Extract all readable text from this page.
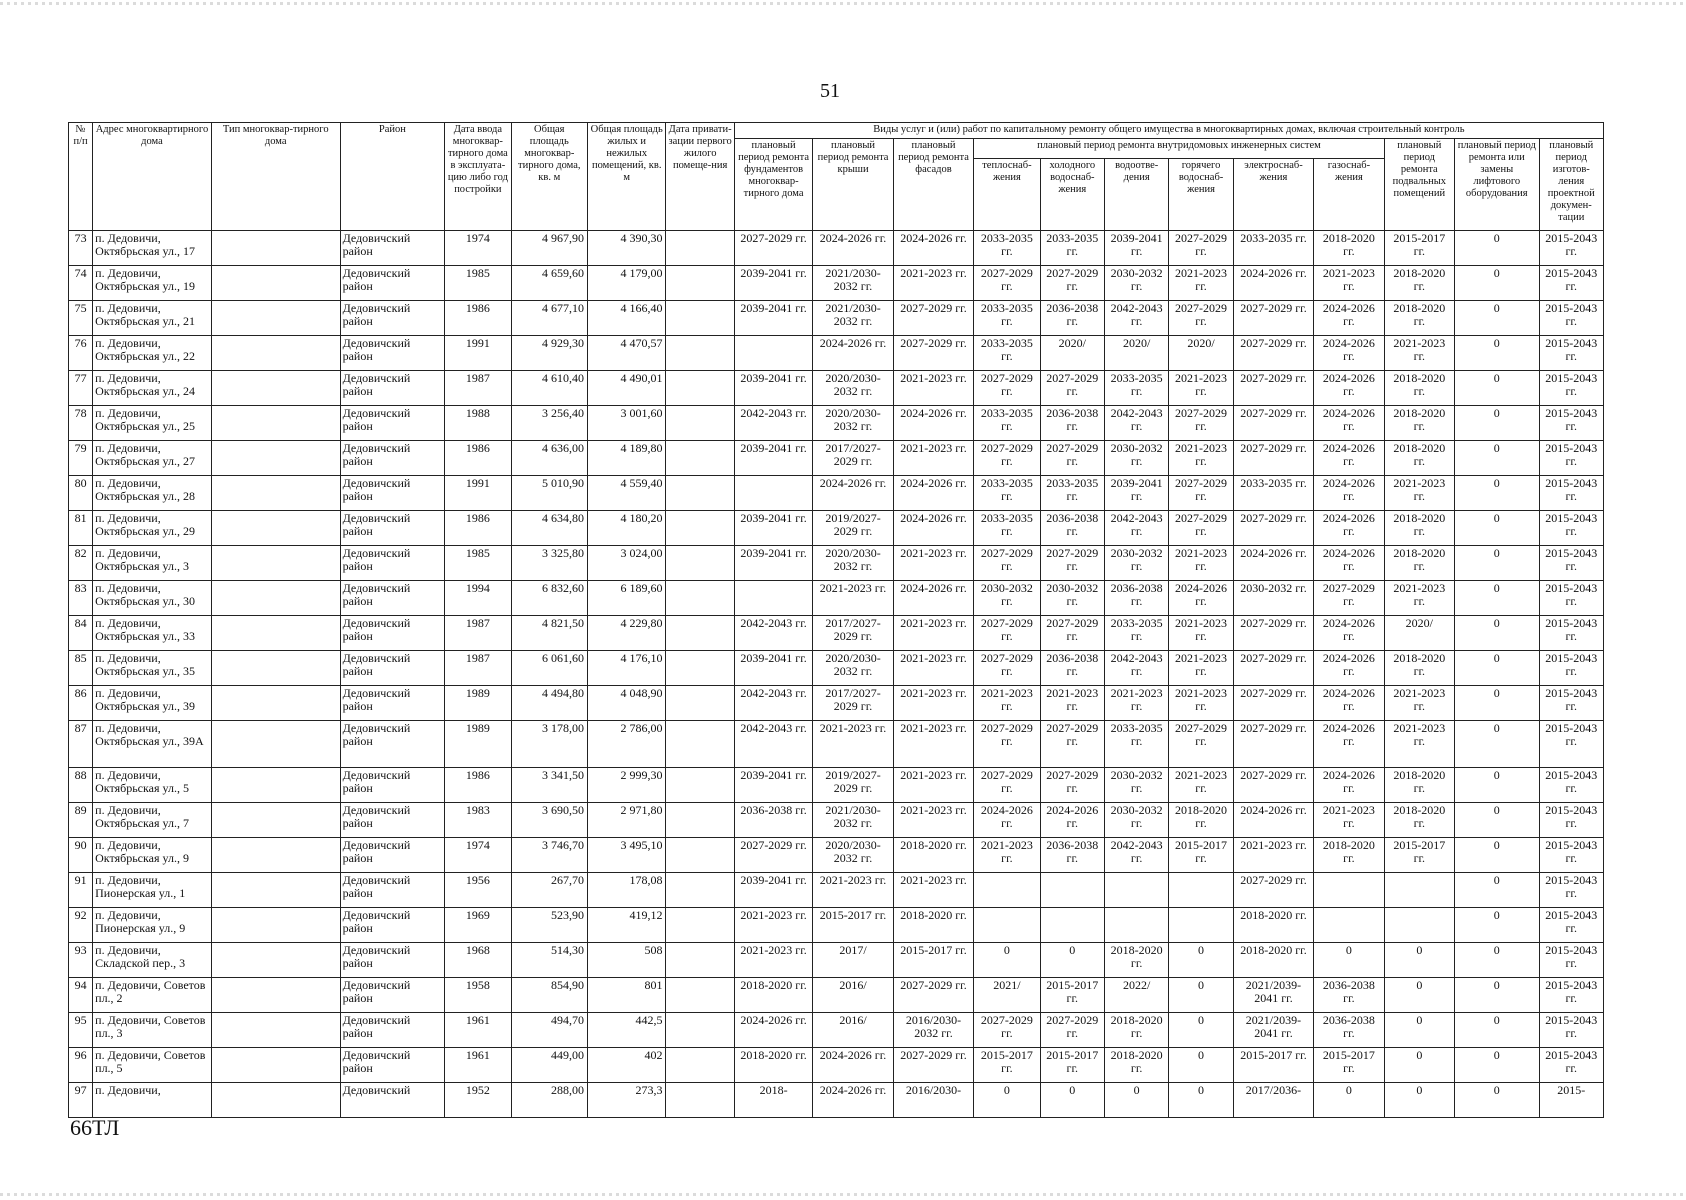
51
№ п/п	Адрес многоквартирного дома	Тип многоквар-тирного дома	Район	Дата ввода многоквар-тирного дома в эксплуата-цию либо год постройки	Общая площадь многоквар-тирного дома, кв. м	Общая площадь жилых и нежилых помещений, кв. м	Дата привати-зации первого жилого помеще-ния	Виды услуг и (или) работ по капитальному ремонту общего имущества в многоквартирных домах, включая строительный контроль											
								плановый период ремонта фундаментов многоквар-тирного дома	плановый период ремонта крыши	плановый период ремонта фасадов	плановый период ремонта внутридомовых инженерных систем						плановый период ремонта подвальных помещений	плановый период ремонта или замены лифтового оборудования	плановый период изготов-ления проектной докумен-тации
											теплоснаб-жения	холодного водоснаб-жения	водоотве-дения	горячего водоснаб-жения	электроснаб-жения	газоснаб-жения			
73	п. Дедовичи, Октябрьская ул., 17		Дедовичский район	1974	4 967,90	4 390,30		2027-2029 гг.	2024-2026 гг.	2024-2026 гг.	2033-2035 гг.	2033-2035 гг.	2039-2041 гг.	2027-2029 гг.	2033-2035 гг.	2018-2020 гг.	2015-2017 гг.	0	2015-2043 гг.
74	п. Дедовичи, Октябрьская ул., 19		Дедовичский район	1985	4 659,60	4 179,00		2039-2041 гг.	2021/2030-2032 гг.	2021-2023 гг.	2027-2029 гг.	2027-2029 гг.	2030-2032 гг.	2021-2023 гг.	2024-2026 гг.	2021-2023 гг.	2018-2020 гг.	0	2015-2043 гг.
75	п. Дедовичи, Октябрьская ул., 21		Дедовичский район	1986	4 677,10	4 166,40		2039-2041 гг.	2021/2030-2032 гг.	2027-2029 гг.	2033-2035 гг.	2036-2038 гг.	2042-2043 гг.	2027-2029 гг.	2027-2029 гг.	2024-2026 гг.	2018-2020 гг.	0	2015-2043 гг.
76	п. Дедовичи, Октябрьская ул., 22		Дедовичский район	1991	4 929,30	4 470,57			2024-2026 гг.	2027-2029 гг.	2033-2035 гг.	2020/	2020/	2020/	2027-2029 гг.	2024-2026 гг.	2021-2023 гг.	0	2015-2043 гг.
77	п. Дедовичи, Октябрьская ул., 24		Дедовичский район	1987	4 610,40	4 490,01		2039-2041 гг.	2020/2030-2032 гг.	2021-2023 гг.	2027-2029 гг.	2027-2029 гг.	2033-2035 гг.	2021-2023 гг.	2027-2029 гг.	2024-2026 гг.	2018-2020 гг.	0	2015-2043 гг.
78	п. Дедовичи, Октябрьская ул., 25		Дедовичский район	1988	3 256,40	3 001,60		2042-2043 гг.	2020/2030-2032 гг.	2024-2026 гг.	2033-2035 гг.	2036-2038 гг.	2042-2043 гг.	2027-2029 гг.	2027-2029 гг.	2024-2026 гг.	2018-2020 гг.	0	2015-2043 гг.
79	п. Дедовичи, Октябрьская ул., 27		Дедовичский район	1986	4 636,00	4 189,80		2039-2041 гг.	2017/2027-2029 гг.	2021-2023 гг.	2027-2029 гг.	2027-2029 гг.	2030-2032 гг.	2021-2023 гг.	2027-2029 гг.	2024-2026 гг.	2018-2020 гг.	0	2015-2043 гг.
80	п. Дедовичи, Октябрьская ул., 28		Дедовичский район	1991	5 010,90	4 559,40			2024-2026 гг.	2024-2026 гг.	2033-2035 гг.	2033-2035 гг.	2039-2041 гг.	2027-2029 гг.	2033-2035 гг.	2024-2026 гг.	2021-2023 гг.	0	2015-2043 гг.
81	п. Дедовичи, Октябрьская ул., 29		Дедовичский район	1986	4 634,80	4 180,20		2039-2041 гг.	2019/2027-2029 гг.	2024-2026 гг.	2033-2035 гг.	2036-2038 гг.	2042-2043 гг.	2027-2029 гг.	2027-2029 гг.	2024-2026 гг.	2018-2020 гг.	0	2015-2043 гг.
82	п. Дедовичи, Октябрьская ул., 3		Дедовичский район	1985	3 325,80	3 024,00		2039-2041 гг.	2020/2030-2032 гг.	2021-2023 гг.	2027-2029 гг.	2027-2029 гг.	2030-2032 гг.	2021-2023 гг.	2024-2026 гг.	2024-2026 гг.	2018-2020 гг.	0	2015-2043 гг.
83	п. Дедовичи, Октябрьская ул., 30		Дедовичский район	1994	6 832,60	6 189,60			2021-2023 гг.	2024-2026 гг.	2030-2032 гг.	2030-2032 гг.	2036-2038 гг.	2024-2026 гг.	2030-2032 гг.	2027-2029 гг.	2021-2023 гг.	0	2015-2043 гг.
84	п. Дедовичи, Октябрьская ул., 33		Дедовичский район	1987	4 821,50	4 229,80		2042-2043 гг.	2017/2027-2029 гг.	2021-2023 гг.	2027-2029 гг.	2027-2029 гг.	2033-2035 гг.	2021-2023 гг.	2027-2029 гг.	2024-2026 гг.	2020/	0	2015-2043 гг.
85	п. Дедовичи, Октябрьская ул., 35		Дедовичский район	1987	6 061,60	4 176,10		2039-2041 гг.	2020/2030-2032 гг.	2021-2023 гг.	2027-2029 гг.	2036-2038 гг.	2042-2043 гг.	2021-2023 гг.	2027-2029 гг.	2024-2026 гг.	2018-2020 гг.	0	2015-2043 гг.
86	п. Дедовичи, Октябрьская ул., 39		Дедовичский район	1989	4 494,80	4 048,90		2042-2043 гг.	2017/2027-2029 гг.	2021-2023 гг.	2021-2023 гг.	2021-2023 гг.	2021-2023 гг.	2021-2023 гг.	2027-2029 гг.	2024-2026 гг.	2021-2023 гг.	0	2015-2043 гг.
87	п. Дедовичи, Октябрьская ул., 39А		Дедовичский район	1989	3 178,00	2 786,00		2042-2043 гг.	2021-2023 гг.	2021-2023 гг.	2027-2029 гг.	2027-2029 гг.	2033-2035 гг.	2027-2029 гг.	2027-2029 гг.	2024-2026 гг.	2021-2023 гг.	0	2015-2043 гг.
88	п. Дедовичи, Октябрьская ул., 5		Дедовичский район	1986	3 341,50	2 999,30		2039-2041 гг.	2019/2027-2029 гг.	2021-2023 гг.	2027-2029 гг.	2027-2029 гг.	2030-2032 гг.	2021-2023 гг.	2027-2029 гг.	2024-2026 гг.	2018-2020 гг.	0	2015-2043 гг.
89	п. Дедовичи, Октябрьская ул., 7		Дедовичский район	1983	3 690,50	2 971,80		2036-2038 гг.	2021/2030-2032 гг.	2021-2023 гг.	2024-2026 гг.	2024-2026 гг.	2030-2032 гг.	2018-2020 гг.	2024-2026 гг.	2021-2023 гг.	2018-2020 гг.	0	2015-2043 гг.
90	п. Дедовичи, Октябрьская ул., 9		Дедовичский район	1974	3 746,70	3 495,10		2027-2029 гг.	2020/2030-2032 гг.	2018-2020 гг.	2021-2023 гг.	2036-2038 гг.	2042-2043 гг.	2015-2017 гг.	2021-2023 гг.	2018-2020 гг.	2015-2017 гг.	0	2015-2043 гг.
91	п. Дедовичи, Пионерская ул., 1		Дедовичский район	1956	267,70	178,08		2039-2041 гг.	2021-2023 гг.	2021-2023 гг.					2027-2029 гг.			0	2015-2043 гг.
92	п. Дедовичи, Пионерская ул., 9		Дедовичский район	1969	523,90	419,12		2021-2023 гг.	2015-2017 гг.	2018-2020 гг.					2018-2020 гг.			0	2015-2043 гг.
93	п. Дедовичи, Складской пер., 3		Дедовичский район	1968	514,30	508		2021-2023 гг.	2017/	2015-2017 гг.	0	0	2018-2020 гг.	0	2018-2020 гг.	0	0	0	2015-2043 гг.
94	п. Дедовичи, Советов пл., 2		Дедовичский район	1958	854,90	801		2018-2020 гг.	2016/	2027-2029 гг.	2021/	2015-2017 гг.	2022/	0	2021/2039-2041 гг.	2036-2038 гг.	0	0	2015-2043 гг.
95	п. Дедовичи, Советов пл., 3		Дедовичский район	1961	494,70	442,5		2024-2026 гг.	2016/	2016/2030-2032 гг.	2027-2029 гг.	2027-2029 гг.	2018-2020 гг.	0	2021/2039-2041 гг.	2036-2038 гг.	0	0	2015-2043 гг.
96	п. Дедовичи, Советов пл., 5		Дедовичский район	1961	449,00	402		2018-2020 гг.	2024-2026 гг.	2027-2029 гг.	2015-2017 гг.	2015-2017 гг.	2018-2020 гг.	0	2015-2017 гг.	2015-2017 гг.	0	0	2015-2043 гг.
97	п. Дедовичи,		Дедовичский	1952	288,00	273,3		2018-	2024-2026 гг.	2016/2030-	0	0	0	0	2017/2036-	0	0	0	2015-
66ТЛ
